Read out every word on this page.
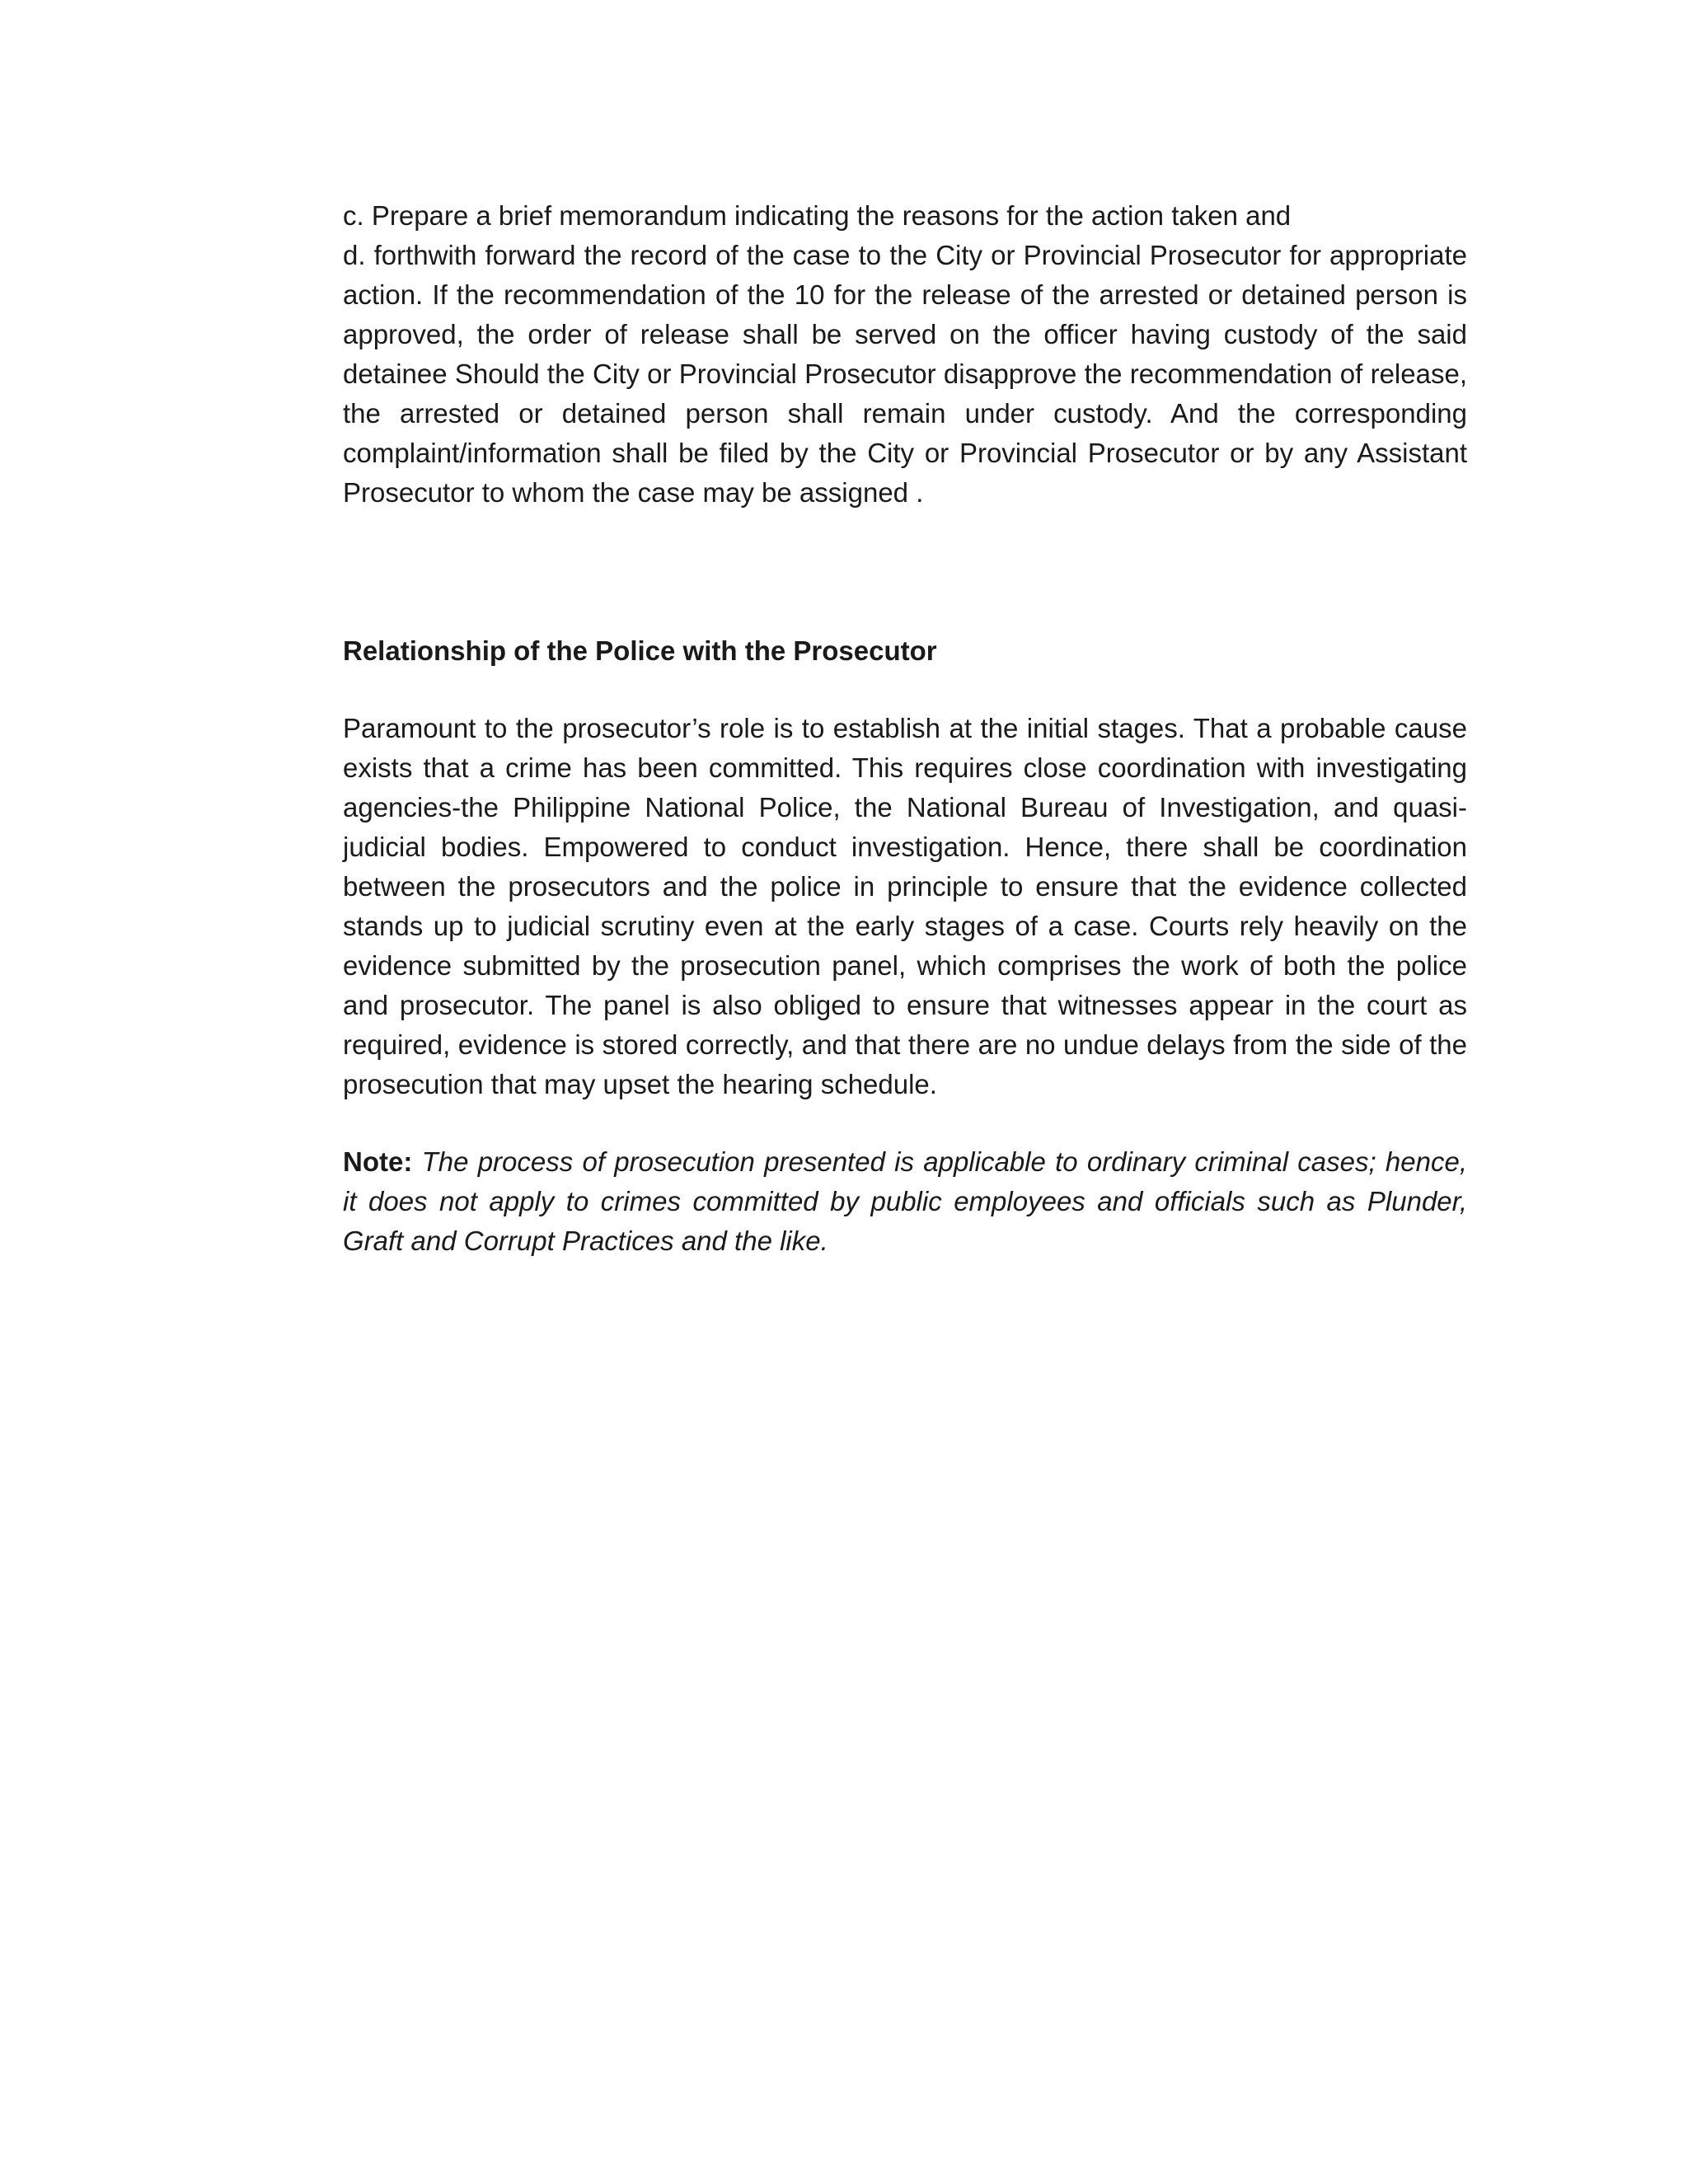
c. Prepare a brief memorandum indicating the reasons for the action taken and

d. forthwith forward the record of the case to the City or Provincial Prosecutor for appropriate action. If the recommendation of the 10 for the release of the arrested or detained person is approved, the order of release shall be served on the officer having custody of the said detainee Should the City or Provincial Prosecutor disapprove the recommendation of release, the arrested or detained person shall remain under custody. And the corresponding complaint/information shall be filed by the City or Provincial Prosecutor or by any Assistant Prosecutor to whom the case may be assigned .

Relationship of the Police with the Prosecutor

Paramount to the prosecutor’s role is to establish at the initial stages. That a probable cause exists that a crime has been committed. This requires close coordination with investigating agencies-the Philippine National Police, the National Bureau of Investigation, and quasi-judicial bodies. Empowered to conduct investigation. Hence, there shall be coordination between the prosecutors and the police in principle to ensure that the evidence collected stands up to judicial scrutiny even at the early stages of a case. Courts rely heavily on the evidence submitted by the prosecution panel, which comprises the work of both the police and prosecutor. The panel is also obliged to ensure that witnesses appear in the court as required, evidence is stored correctly, and that there are no undue delays from the side of the prosecution that may upset the hearing schedule.

Note: The process of prosecution presented is applicable to ordinary criminal cases; hence, it does not apply to crimes committed by public employees and officials such as Plunder, Graft and Corrupt Practices and the like.
